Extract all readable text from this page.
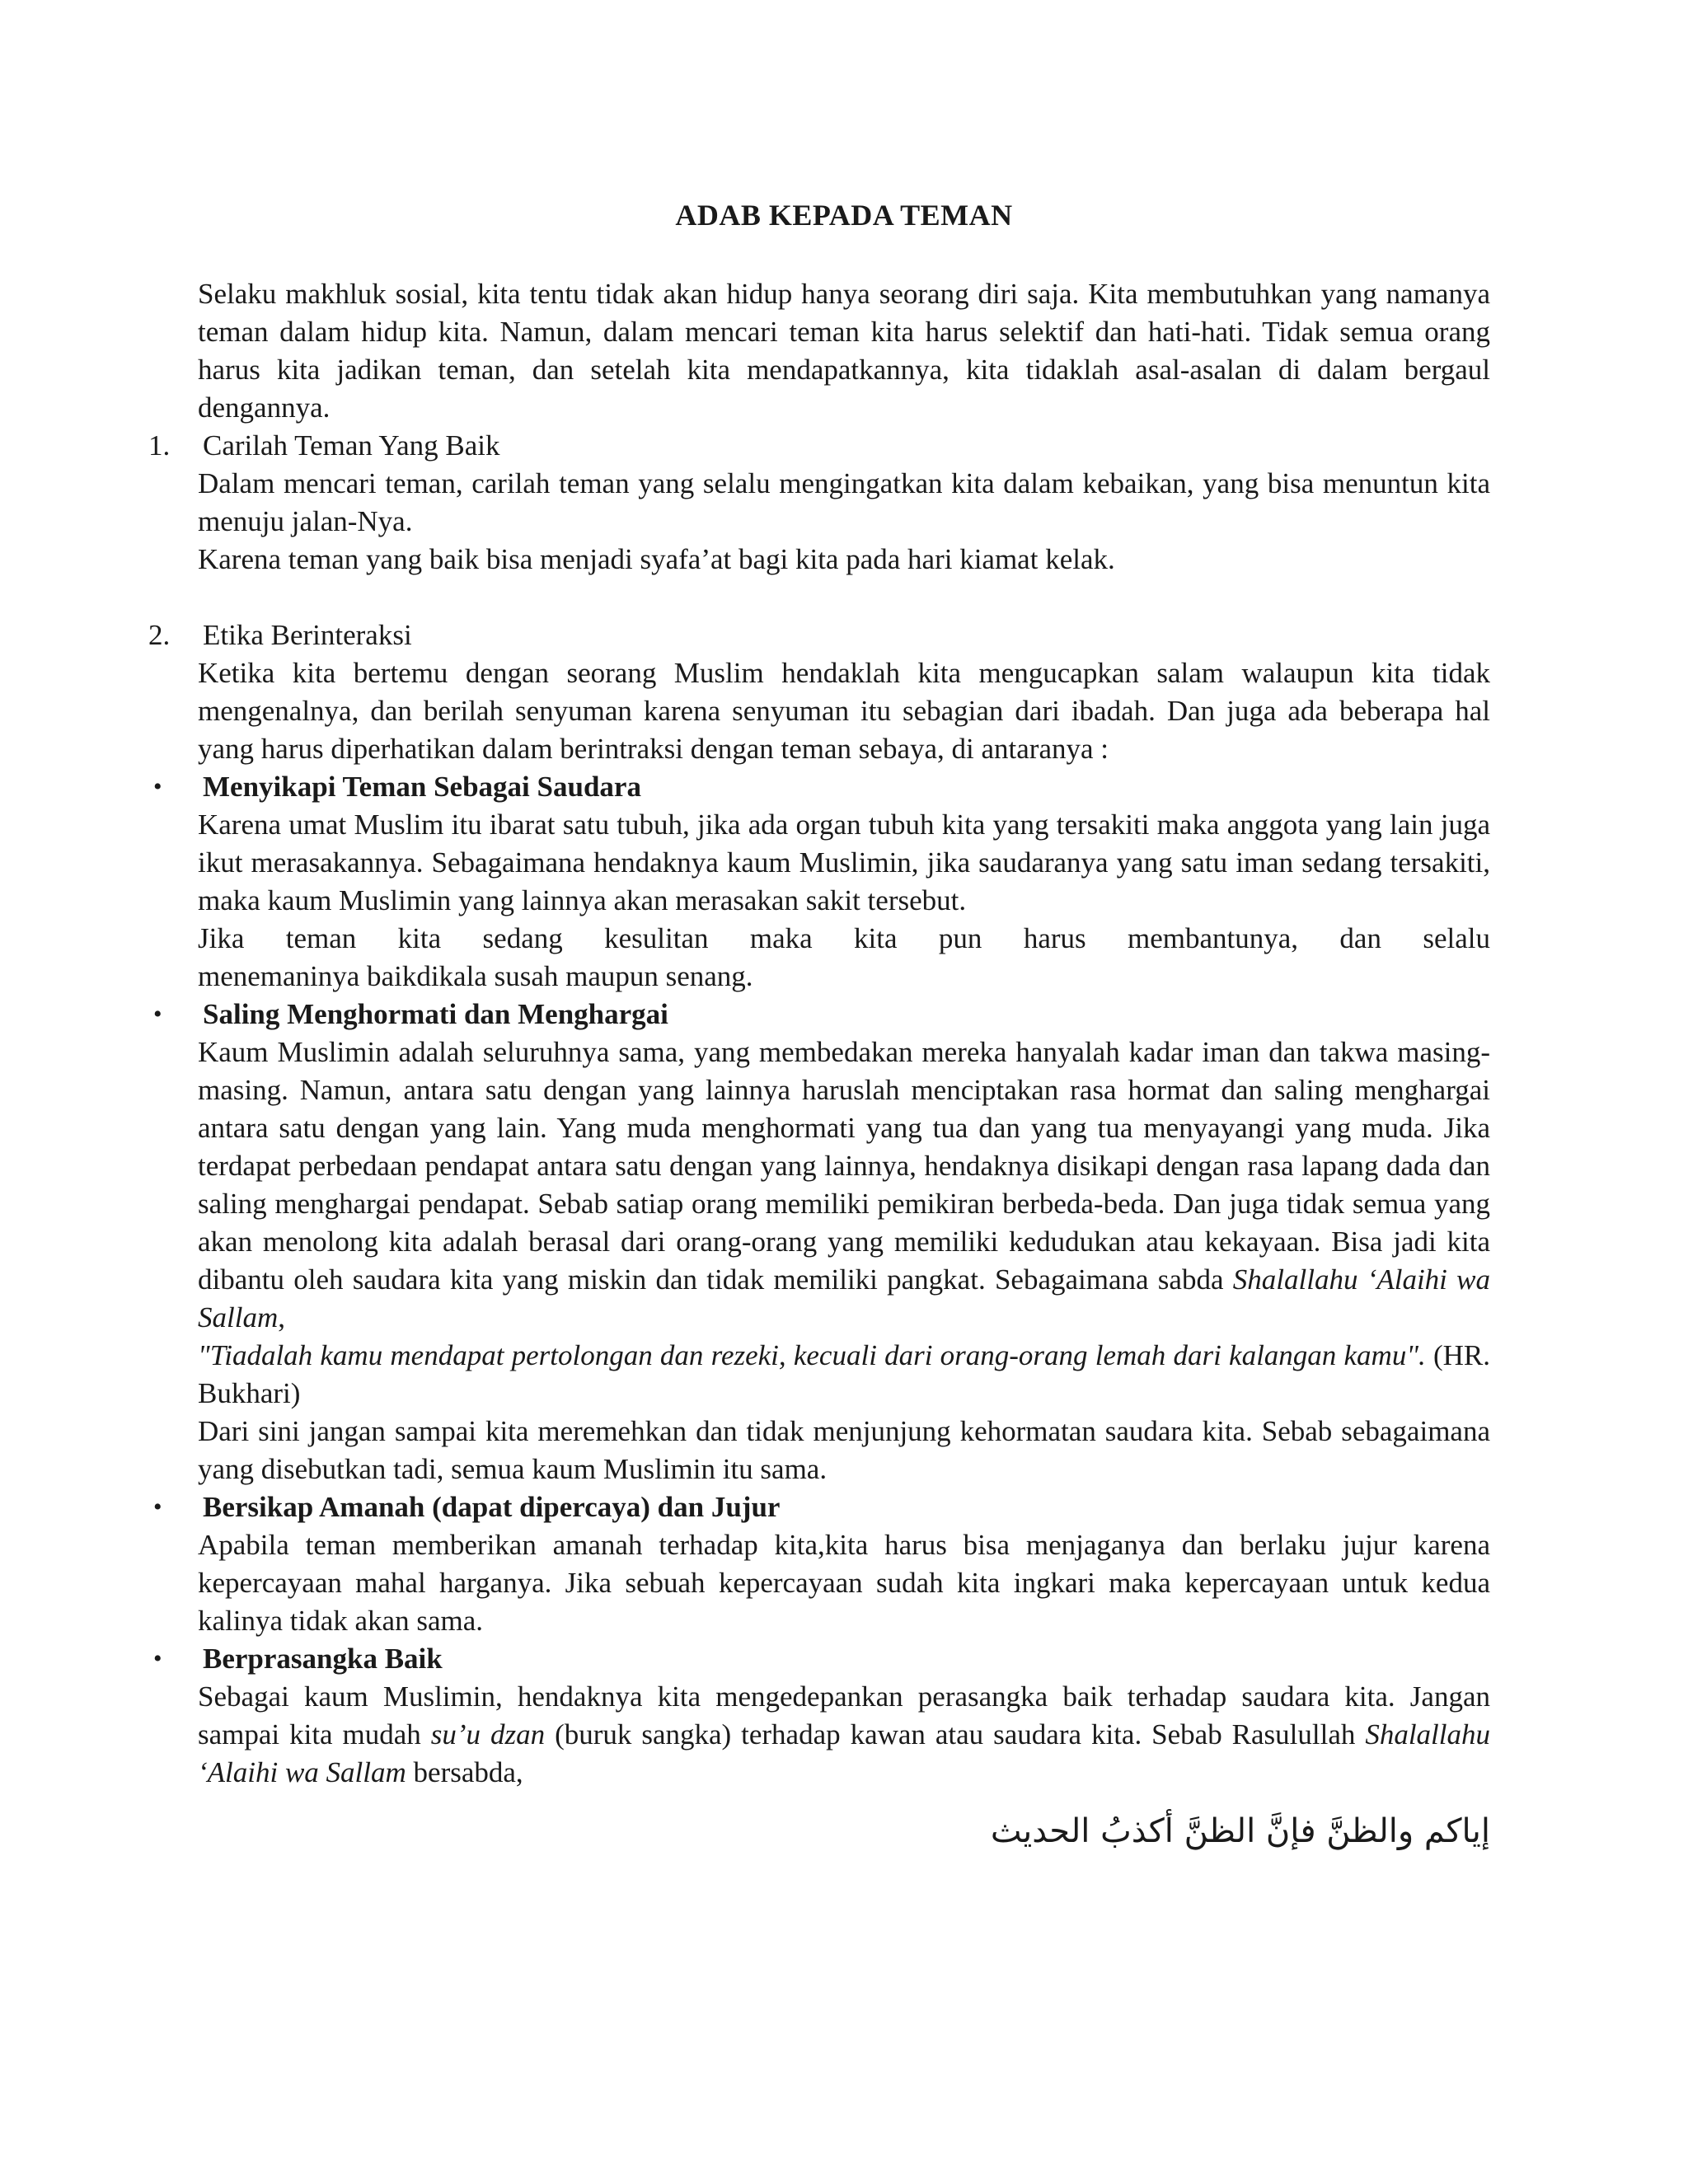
ADAB KEPADA TEMAN

Selaku makhluk sosial, kita tentu tidak akan hidup hanya seorang diri saja. Kita membutuhkan yang namanya teman dalam hidup kita. Namun, dalam mencari teman kita harus selektif dan hati-hati. Tidak semua orang harus kita jadikan teman, dan setelah kita mendapatkannya, kita tidaklah asal-asalan di dalam bergaul dengannya.

1. Carilah Teman Yang Baik

Dalam mencari teman, carilah teman yang selalu mengingatkan kita dalam kebaikan, yang bisa menuntun kita menuju jalan-Nya.

Karena teman yang baik bisa menjadi syafa’at bagi kita pada hari kiamat kelak.

2. Etika Berinteraksi

Ketika kita bertemu dengan seorang Muslim hendaklah kita mengucapkan salam walaupun kita tidak mengenalnya, dan berilah senyuman karena senyuman itu sebagian dari ibadah. Dan juga ada beberapa hal yang harus diperhatikan dalam berintraksi dengan teman sebaya, di antaranya :

• Menyikapi Teman Sebagai Saudara

Karena umat Muslim itu ibarat satu tubuh, jika ada organ tubuh kita yang tersakiti maka anggota yang lain juga ikut merasakannya. Sebagaimana hendaknya kaum Muslimin, jika saudaranya yang satu iman sedang tersakiti, maka kaum Muslimin yang lainnya akan merasakan sakit tersebut.

Jika teman kita sedang kesulitan maka kita pun harus membantunya, dan selalu

menemaninya baikdikala susah maupun senang.

• Saling Menghormati dan Menghargai

Kaum Muslimin adalah seluruhnya sama, yang membedakan mereka hanyalah kadar iman dan takwa masing-masing. Namun, antara satu dengan yang lainnya haruslah menciptakan rasa hormat dan saling menghargai antara satu dengan yang lain. Yang muda menghormati yang tua dan yang tua menyayangi yang muda. Jika terdapat perbedaan pendapat antara satu dengan yang lainnya, hendaknya disikapi dengan rasa lapang dada dan saling menghargai pendapat. Sebab satiap orang memiliki pemikiran berbeda-beda. Dan juga tidak semua yang akan menolong kita adalah berasal dari orang-orang yang memiliki kedudukan atau kekayaan. Bisa jadi kita dibantu oleh saudara kita yang miskin dan tidak memiliki pangkat. Sebagaimana sabda Shalallahu ‘Alaihi wa Sallam,

"Tiadalah kamu mendapat pertolongan dan rezeki, kecuali dari orang-orang lemah dari kalangan kamu". (HR. Bukhari)

Dari sini jangan sampai kita meremehkan dan tidak menjunjung kehormatan saudara kita. Sebab sebagaimana yang disebutkan tadi, semua kaum Muslimin itu sama.

• Bersikap Amanah (dapat dipercaya) dan Jujur

Apabila teman memberikan amanah terhadap kita,kita harus bisa menjaganya dan berlaku jujur karena kepercayaan mahal harganya. Jika sebuah kepercayaan sudah kita ingkari maka kepercayaan untuk kedua kalinya tidak akan sama.

• Berprasangka Baik

Sebagai kaum Muslimin, hendaknya kita mengedepankan perasangka baik terhadap saudara kita. Jangan sampai kita mudah su’u dzan (buruk sangka) terhadap kawan atau saudara kita. Sebab Rasulullah Shalallahu ‘Alaihi wa Sallam bersabda,

إياكم والظنَّ فإنَّ الظنَّ أكذبُ الحديث
